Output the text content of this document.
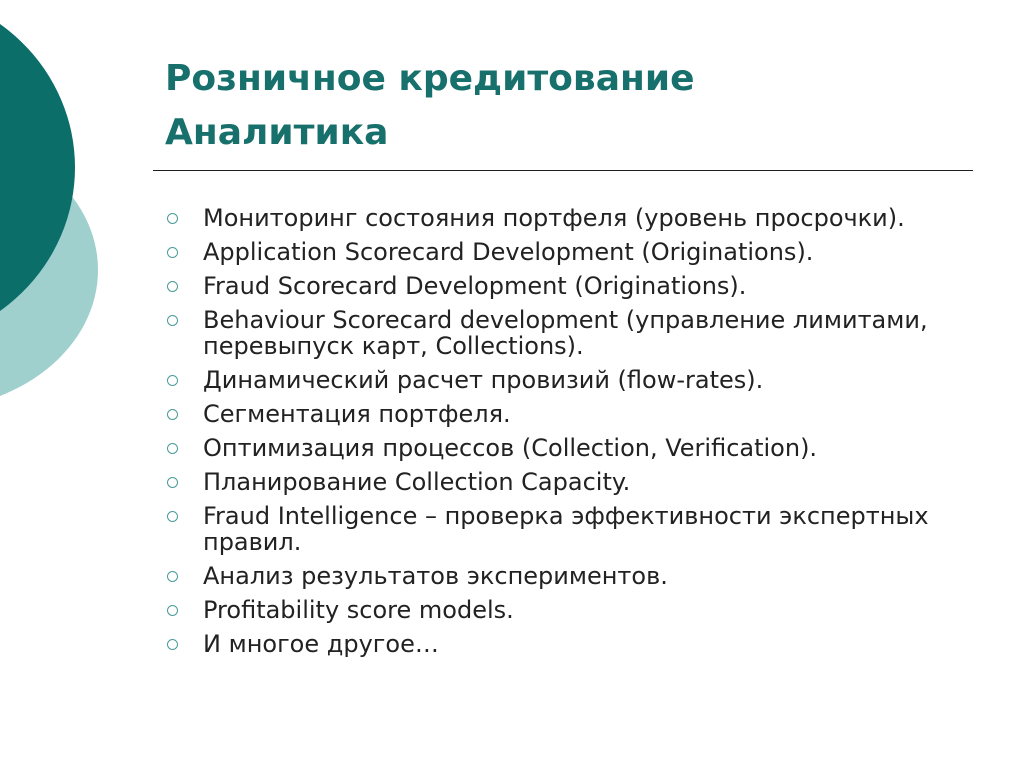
Розничное кредитование
Аналитика
Мониторинг состояния портфеля (уровень просрочки).
Application Scorecard Development (Originations).
Fraud Scorecard Development (Originations).
Behaviour Scorecard development (управление лимитами, перевыпуск карт, Collections).
Динамический расчет провизий (flow-rates).
Сегментация портфеля.
Оптимизация процессов (Collection, Verification).
Планирование Collection Capacity.
Fraud Intelligence – проверка эффективности экспертных правил.
Анализ результатов экспериментов.
Profitability score models.
И многое другое…
